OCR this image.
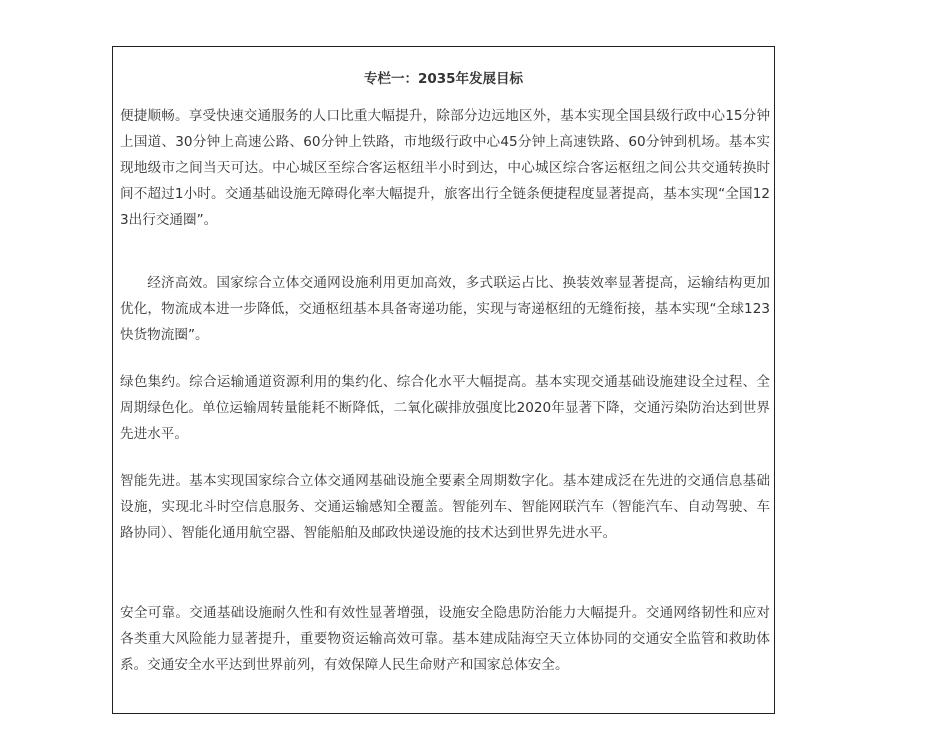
专栏一：2035年发展目标

便捷顺畅。享受快速交通服务的人口比重大幅提升，除部分边远地区外，基本实现全国县级行政中心15分钟上国道、30分钟上高速公路、60分钟上铁路，市地级行政中心45分钟上高速铁路、60分钟到机场。基本实现地级市之间当天可达。中心城区至综合客运枢纽半小时到达，中心城区综合客运枢纽之间公共交通转换时间不超过1小时。交通基础设施无障碍化率大幅提升，旅客出行全链条便捷程度显著提高，基本实现“全国123出行交通圈”。

经济高效。国家综合立体交通网设施利用更加高效，多式联运占比、换装效率显著提高，运输结构更加优化，物流成本进一步降低，交通枢纽基本具备寄递功能，实现与寄递枢纽的无缝衔接，基本实现“全球123快货物流圈”。

绿色集约。综合运输通道资源利用的集约化、综合化水平大幅提高。基本实现交通基础设施建设全过程、全周期绿色化。单位运输周转量能耗不断降低，二氧化碳排放强度比2020年显著下降，交通污染防治达到世界先进水平。

智能先进。基本实现国家综合立体交通网基础设施全要素全周期数字化。基本建成泛在先进的交通信息基础设施，实现北斗时空信息服务、交通运输感知全覆盖。智能列车、智能网联汽车（智能汽车、自动驾驶、车路协同）、智能化通用航空器、智能船舶及邮政快递设施的技术达到世界先进水平。

安全可靠。交通基础设施耐久性和有效性显著增强，设施安全隐患防治能力大幅提升。交通网络韧性和应对各类重大风险能力显著提升，重要物资运输高效可靠。基本建成陆海空天立体协同的交通安全监管和救助体系。交通安全水平达到世界前列，有效保障人民生命财产和国家总体安全。
